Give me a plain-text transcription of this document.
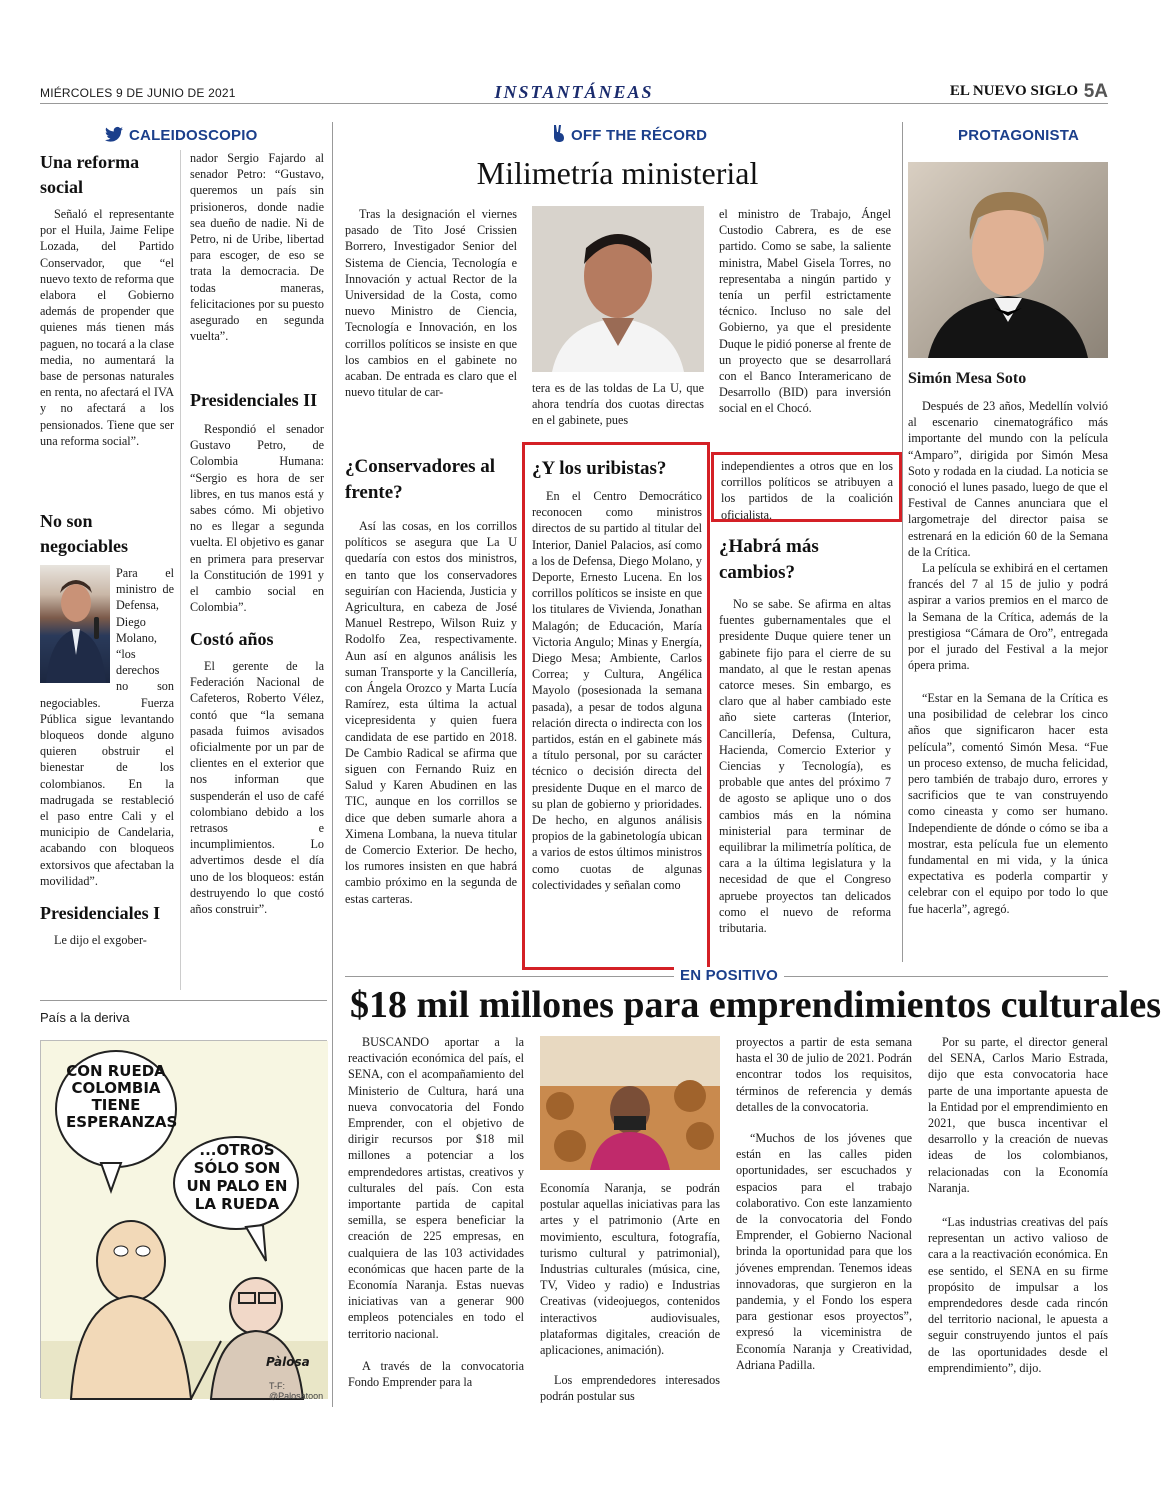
MIÉRCOLES 9 DE JUNIO DE 2021	INSTANTÁNEAS	EL NUEVO SIGLO 5A
CALEIDOSCOPIO
Una reforma social
Señaló el representante por el Huila, Jaime Felipe Lozada, del Partido Conservador, que “el nuevo texto de reforma que elabora el Gobierno además de propender que quienes más tienen más paguen, no tocará a la clase media, no aumentará la base de personas naturales en renta, no afectará el IVA y no afectará a los pensionados. Tiene que ser una reforma social”.
No son negociables
Para el ministro de Defensa, Diego Molano, “los derechos no son negociables. Fuerza Pública sigue levantando bloqueos donde alguno quieren obstruir el bienestar de los colombianos. En la madrugada se restableció el paso entre Cali y el municipio de Candelaria, acabando con bloqueos extorsivos que afectaban la movilidad”.
Presidenciales I
Le dijo el exgober-
nador Sergio Fajardo al senador Petro: “Gustavo, queremos un país sin prisioneros, donde nadie sea dueño de nadie. Ni de Petro, ni de Uribe, libertad para escoger, de eso se trata la democracia. De todas maneras, felicitaciones por su puesto asegurado en segunda vuelta”.
Presidenciales II
Respondió el senador Gustavo Petro, de Colombia Humana: “Sergio es hora de ser libres, en tus manos está y sabes cómo. Mi objetivo no es llegar a segunda vuelta. El objetivo es ganar en primera para preservar la Constitución de 1991 y el cambio social en Colombia”.
Costó años
El gerente de la Federación Nacional de Cafeteros, Roberto Vélez, contó que “la semana pasada fuimos avisados oficialmente por un par de clientes en el exterior que nos informan que suspenderán el uso de café colombiano debido a los retrasos e incumplimientos. Lo advertimos desde el día uno de los bloqueos: están destruyendo lo que costó años construir”.
País a la deriva
CON RUEDA COLOMBIA TIENE ESPERANZAS
...OTROS SÓLO SON UN PALO EN LA RUEDA
Pàlosa
T-F: @Palosatoon
OFF THE RÉCORD
Milimetría ministerial
Tras la designación el viernes pasado de Tito José Crissien Borrero, Investigador Senior del Sistema de Ciencia, Tecnología e Innovación y actual Rector de la Universidad de la Costa, como nuevo Ministro de Ciencia, Tecnología e Innovación, en los corrillos políticos se insiste en que los cambios en el gabinete no acaban. De entrada es claro que el nuevo titular de car-
¿Conservadores al frente?
Así las cosas, en los corrillos políticos se asegura que La U quedaría con estos dos ministros, en tanto que los conservadores seguirían con Hacienda, Justicia y Agricultura, en cabeza de José Manuel Restrepo, Wilson Ruiz y Rodolfo Zea, respectivamente. Aun así en algunos análisis les suman Transporte y la Cancillería, con Ángela Orozco y Marta Lucía Ramírez, esta última la actual vicepresidenta y quien fuera candidata de ese partido en 2018. De Cambio Radical se afirma que siguen con Fernando Ruiz en Salud y Karen Abudinen en las TIC, aunque en los corrillos se dice que deben sumarle ahora a Ximena Lombana, la nueva titular de Comercio Exterior. De hecho, los rumores insisten en que habrá cambio próximo en la segunda de estas carteras.
tera es de las toldas de La U, que ahora tendría dos cuotas directas en el gabinete, pues
el ministro de Trabajo, Ángel Custodio Cabrera, es de ese partido. Como se sabe, la saliente ministra, Mabel Gisela Torres, no representaba a ningún partido y tenía un perfil estrictamente técnico. Incluso no sale del Gobierno, ya que el presidente Duque le pidió ponerse al frente de un proyecto que se desarrollará con el Banco Interamericano de Desarrollo (BID) para inversión social en el Chocó.
¿Y los uribistas?
En el Centro Democrático reconocen como ministros directos de su partido al titular del Interior, Daniel Palacios, así como a los de Defensa, Diego Molano, y Deporte, Ernesto Lucena. En los corrillos políticos se insiste en que los titulares de Vivienda, Jonathan Malagón; de Educación, María Victoria Angulo; Minas y Energía, Diego Mesa; Ambiente, Carlos Correa; y Cultura, Angélica Mayolo (posesionada la semana pasada), a pesar de todos alguna relación directa o indirecta con los partidos, están en el gabinete más a título personal, por su carácter técnico o decisión directa del presidente Duque en el marco de su plan de gobierno y prioridades. De hecho, en algunos análisis propios de la gabinetología ubican a varios de estos últimos ministros como cuotas de algunas colectividades y señalan como
independientes a otros que en los corrillos políticos se atribuyen a los partidos de la coalición oficialista.
¿Habrá más cambios?
No se sabe. Se afirma en altas fuentes gubernamentales que el presidente Duque quiere tener un gabinete fijo para el cierre de su mandato, al que le restan apenas catorce meses. Sin embargo, es claro que al haber cambiado este año siete carteras (Interior, Cancillería, Defensa, Cultura, Hacienda, Comercio Exterior y Ciencias y Tecnología), es probable que antes del próximo 7 de agosto se aplique uno o dos cambios más en la nómina ministerial para terminar de equilibrar la milimetría política, de cara a la última legislatura y la necesidad de que el Congreso apruebe proyectos tan delicados como el nuevo de reforma tributaria.
PROTAGONISTA
Simón Mesa Soto
Después de 23 años, Medellín volvió al escenario cinematográfico más importante del mundo con la película “Amparo”, dirigida por Simón Mesa Soto y rodada en la ciudad. La noticia se conoció el lunes pasado, luego de que el Festival de Cannes anunciara que el largometraje del director paisa se estrenará en la edición 60 de la Semana de la Crítica.
La película se exhibirá en el certamen francés del 7 al 15 de julio y podrá aspirar a varios premios en el marco de la Semana de la Crítica, además de la prestigiosa “Cámara de Oro”, entregada por el jurado del Festival a la mejor ópera prima.
“Estar en la Semana de la Crítica es una posibilidad de celebrar los cinco años que significaron hacer esta película”, comentó Simón Mesa. “Fue un proceso extenso, de mucha felicidad, pero también de trabajo duro, errores y sacrificios que te van construyendo como cineasta y como ser humano. Independiente de dónde o cómo se iba a mostrar, esta película fue un elemento fundamental en mi vida, y la única expectativa es poderla compartir y celebrar con el equipo por todo lo que fue hacerla”, agregó.
EN POSITIVO
$18 mil millones para emprendimientos culturales
BUSCANDO aportar a la reactivación económica del país, el SENA, con el acompañamiento del Ministerio de Cultura, hará una nueva convocatoria del Fondo Emprender, con el objetivo de dirigir recursos por $18 mil millones a potenciar a los emprendedores artistas, creativos y culturales del país. Con esta importante partida de capital semilla, se espera beneficiar la creación de 225 empresas, en cualquiera de las 103 actividades económicas que hacen parte de la Economía Naranja. Estas nuevas iniciativas van a generar 900 empleos potenciales en todo el territorio nacional.
A través de la convocatoria Fondo Emprender para la
Economía Naranja, se podrán postular aquellas iniciativas para las artes y el patrimonio (Arte en movimiento, escultura, fotografía, turismo cultural y patrimonial), Industrias culturales (música, cine, TV, Video y radio) e Industrias Creativas (videojuegos, contenidos interactivos audiovisuales, plataformas digitales, creación de aplicaciones, animación).
Los emprendedores interesados podrán postular sus
proyectos a partir de esta semana hasta el 30 de julio de 2021. Podrán encontrar todos los requisitos, términos de referencia y demás detalles de la convocatoria.
“Muchos de los jóvenes que están en las calles piden oportunidades, ser escuchados y espacios para el trabajo colaborativo. Con este lanzamiento de la convocatoria del Fondo Emprender, el Gobierno Nacional brinda la oportunidad para que los jóvenes emprendan. Tenemos ideas innovadoras, que surgieron en la pandemia, y el Fondo los espera para gestionar esos proyectos”, expresó la viceministra de Economía Naranja y Creatividad, Adriana Padilla.
Por su parte, el director general del SENA, Carlos Mario Estrada, dijo que esta convocatoria hace parte de una importante apuesta de la Entidad por el emprendimiento en 2021, que busca incentivar el desarrollo y la creación de nuevas ideas de los colombianos, relacionadas con la Economía Naranja.
“Las industrias creativas del país representan un activo valioso de cara a la reactivación económica. En ese sentido, el SENA en su firme propósito de impulsar a los emprendedores desde cada rincón del territorio nacional, le apuesta a seguir construyendo juntos el país de las oportunidades desde el emprendimiento”, dijo.
